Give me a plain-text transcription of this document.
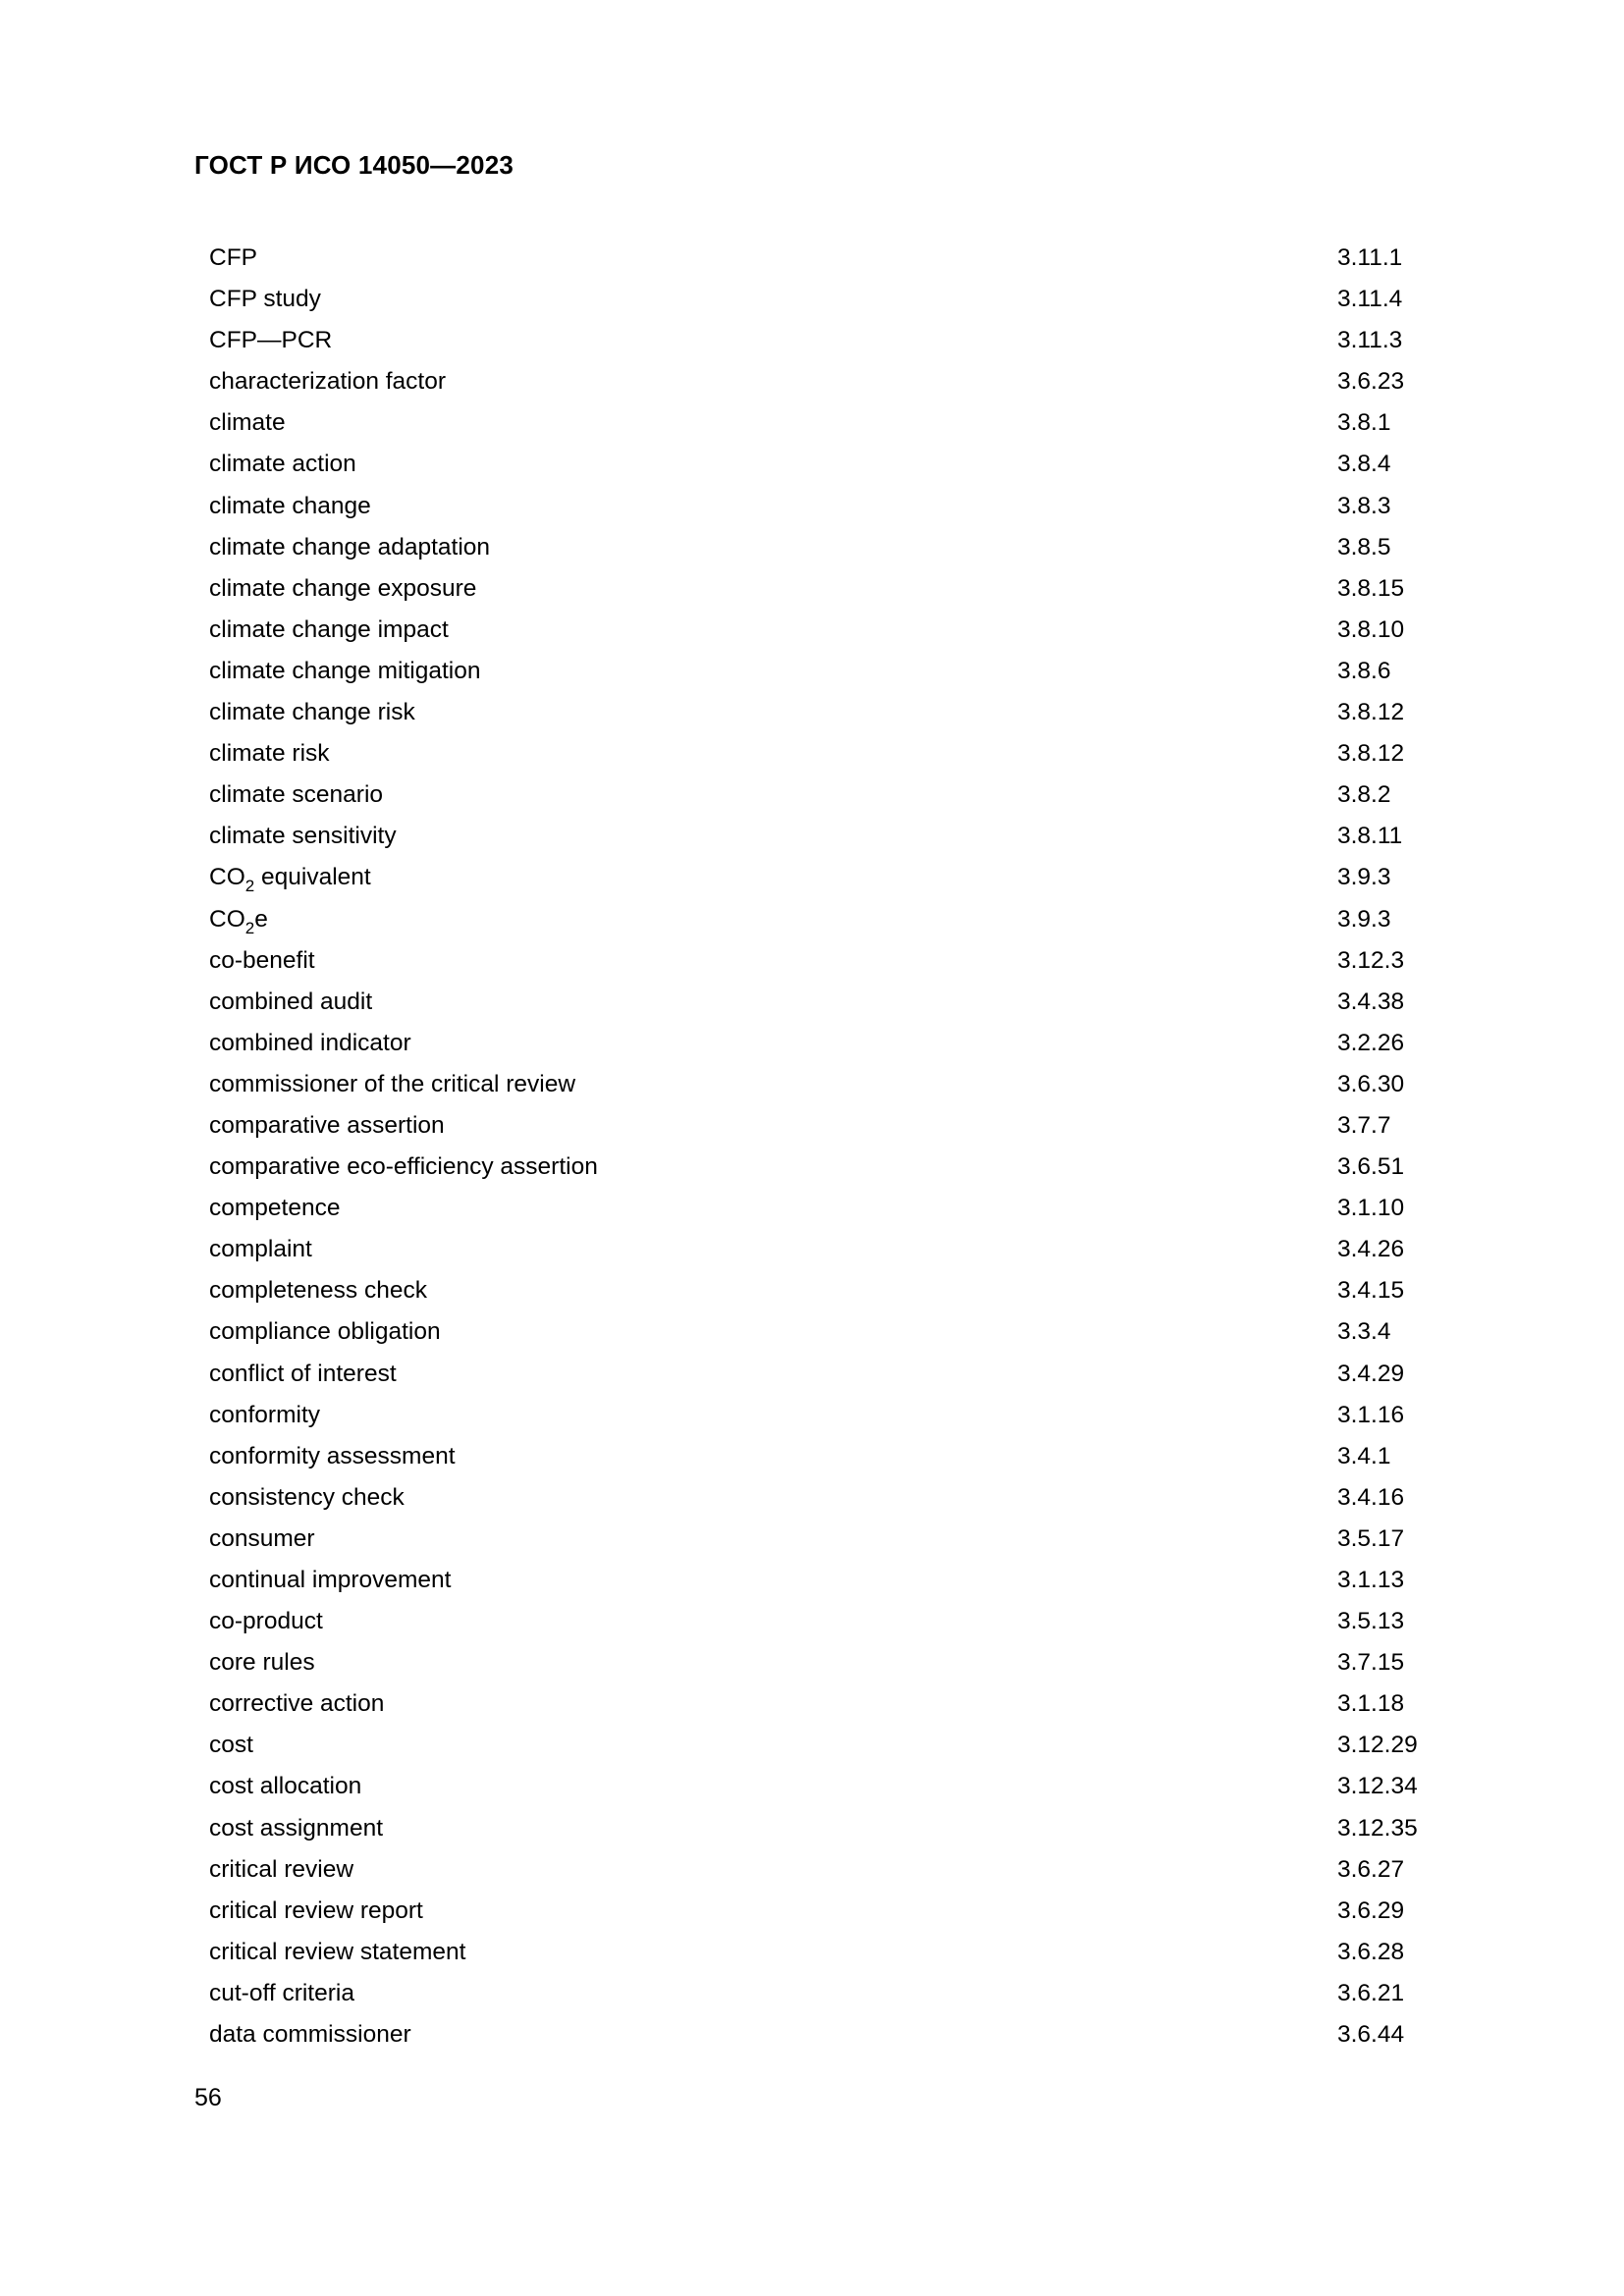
ГОСТ Р ИСО 14050—2023
CFP	3.11.1
CFP study	3.11.4
CFP—PCR	3.11.3
characterization factor	3.6.23
climate	3.8.1
climate action	3.8.4
climate change	3.8.3
climate change adaptation	3.8.5
climate change exposure	3.8.15
climate change impact	3.8.10
climate change mitigation	3.8.6
climate change risk	3.8.12
climate risk	3.8.12
climate scenario	3.8.2
climate sensitivity	3.8.11
$CO_2$ equivalent	3.9.3
$CO_2e$	3.9.3
co-benefit	3.12.3
combined audit	3.4.38
combined indicator	3.2.26
commissioner of the critical review	3.6.30
comparative assertion	3.7.7
comparative eco-efficiency assertion	3.6.51
competence	3.1.10
complaint	3.4.26
completeness check	3.4.15
compliance obligation	3.3.4
conflict of interest	3.4.29
conformity	3.1.16
conformity assessment	3.4.1
consistency check	3.4.16
consumer	3.5.17
continual improvement	3.1.13
co-product	3.5.13
core rules	3.7.15
corrective action	3.1.18
cost	3.12.29
cost allocation	3.12.34
cost assignment	3.12.35
critical review	3.6.27
critical review report	3.6.29
critical review statement	3.6.28
cut-off criteria	3.6.21
data commissioner	3.6.44
56
